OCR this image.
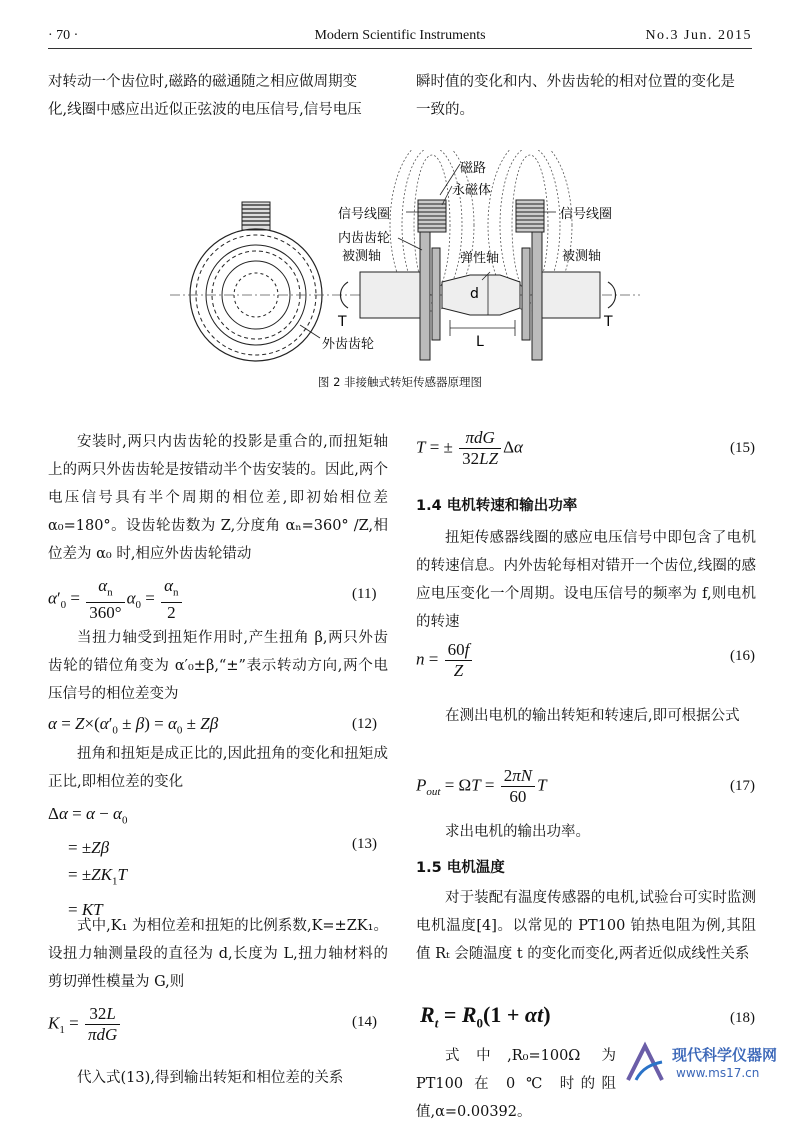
· 70 ·	Modern Scientific Instruments	No.3 Jun. 2015

对转动一个齿位时,磁路的磁通随之相应做周期变

化,线圈中感应出近似正弦波的电压信号,信号电压

瞬时值的变化和内、外齿齿轮的相对位置的变化是

一致的。

磁路
永磁体
信号线圈	信号线圈
内齿齿轮
被测轴	被测轴
弹性轴
d
L
T	T
外齿齿轮
图 2 非接触式转矩传感器原理图

安装时,两只内齿齿轮的投影是重合的,而扭矩轴上的两只外齿齿轮是按错动半个齿安装的。因此,两个电压信号具有半个周期的相位差,即初始相位差 α₀=180°。设齿轮齿数为 Z,分度角 αₙ=360° /Z,相位差为 α₀ 时,相应外齿齿轮错动

$\alpha'_0 = \frac{\alpha_n}{360^\circ} \alpha_0 = \frac{\alpha_n}{2}$	(11)

当扭力轴受到扭矩作用时,产生扭角 β,两只外齿齿轮的错位角变为 α′₀±β,“±”表示转动方向,两个电压信号的相位差变为

$\alpha = Z\times(\alpha'_0 \pm \beta) = \alpha_0 \pm Z\beta$	(12)

扭角和扭矩是成正比的,因此扭角的变化和扭矩成正比,即相位差的变化

$\Delta\alpha = \alpha - \alpha_0$
= ±Zβ
= $\pm ZK_1T$
= KT
(13)

式中,K₁ 为相位差和扭矩的比例系数,K=±ZK₁。设扭力轴测量段的直径为 d,长度为 L,扭力轴材料的剪切弹性模量为 G,则

$K_1 = \frac{32L}{\text{πdG}}$	(14)

代入式(13),得到输出转矩和相位差的关系

T = ± $\frac{\text{πdG}}{32LZ}$ Δα	(15)
1.4 电机转速和输出功率

扭矩传感器线圈的感应电压信号中即包含了电机的转速信息。内外齿轮每相对错开一个齿位,线圈的感应电压变化一个周期。设电压信号的频率为 f,则电机的转速

$n = \frac{60f}{Z}$	(16)

在测出电机的输出转矩和转速后,即可根据公式

$P_{out} = \Omega T = \frac{2\pi N}{60}$ T	(17)

求出电机的输出功率。

1.5 电机温度

对于装配有温度传感器的电机,试验台可实时监测电机温度[4]。以常见的 PT100 铂热电阻为例,其阻值 Rₜ 会随温度 t 的变化而变化,两者近似成线性关系

$R_t = R_0(1 + \alpha t)$	(18)

式中,R₀=100Ω 为 PT100 在 0 ℃ 时的阻值,α=0.00392。

现代科学仪器网
www.ms17.cn
